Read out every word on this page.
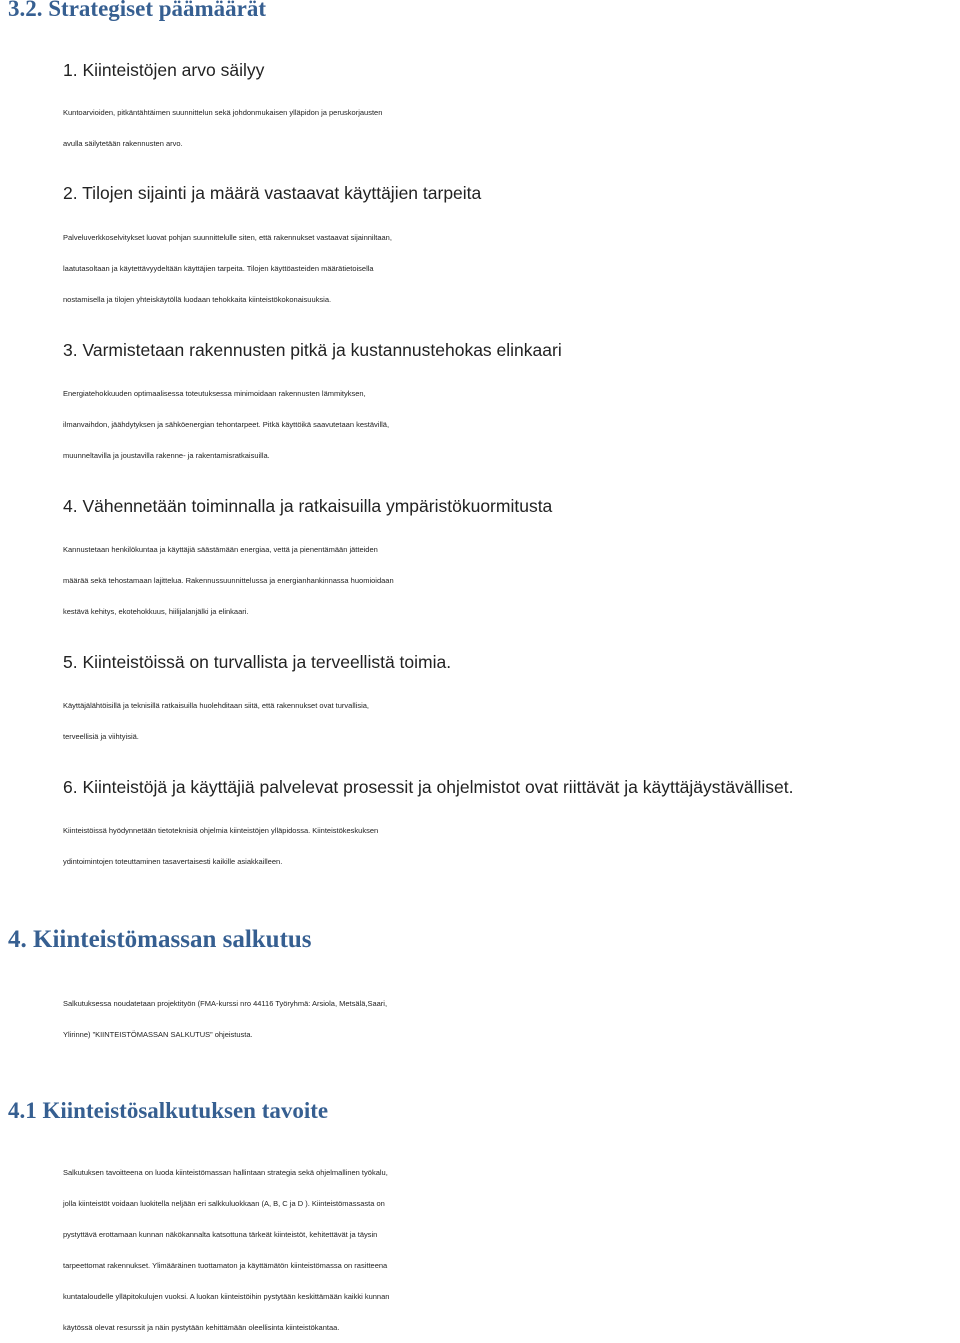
3.2. Strategiset päämäärät

1. Kiinteistöjen arvo säilyy

Kuntoarvioiden, pitkäntähtäimen suunnittelun sekä johdonmukaisen ylläpidon ja peruskorjausten
avulla säilytetään rakennusten arvo.

2. Tilojen sijainti ja määrä vastaavat käyttäjien tarpeita

Palveluverkkoselvitykset luovat pohjan suunnittelulle siten, että rakennukset vastaavat sijainniltaan,
laatutasoltaan ja käytettävyydeltään käyttäjien tarpeita. Tilojen käyttöasteiden määrätietoisella
nostamisella ja tilojen yhteiskäytöllä luodaan tehokkaita kiinteistökokonaisuuksia.

3. Varmistetaan rakennusten pitkä ja kustannustehokas elinkaari

Energiatehokkuuden optimaalisessa toteutuksessa minimoidaan rakennusten lämmityksen,
ilmanvaihdon, jäähdytyksen ja sähköenergian tehontarpeet. Pitkä käyttöikä saavutetaan kestävillä,
muunneltavilla ja joustavilla rakenne- ja rakentamisratkaisuilla.

4. Vähennetään toiminnalla ja ratkaisuilla ympäristökuormitusta

Kannustetaan henkilökuntaa ja käyttäjiä säästämään energiaa, vettä ja pienentämään jätteiden
määrää sekä tehostamaan lajittelua. Rakennussuunnittelussa ja energianhankinnassa huomioidaan
kestävä kehitys, ekotehokkuus, hiilijalanjälki ja elinkaari.

5. Kiinteistöissä on turvallista ja terveellistä toimia.

Käyttäjälähtöisillä ja teknisillä ratkaisuilla huolehditaan siitä, että rakennukset ovat turvallisia,
terveellisiä ja viihtyisiä.

6. Kiinteistöjä ja käyttäjiä palvelevat prosessit ja ohjelmistot ovat riittävät ja käyttäjäystävälliset.

Kiinteistöissä hyödynnetään tietoteknisiä ohjelmia kiinteistöjen ylläpidossa. Kiinteistökeskuksen
ydintoimintojen toteuttaminen tasavertaisesti kaikille asiakkailleen.

4. Kiinteistömassan salkutus

Salkutuksessa noudatetaan projektityön (FMA-kurssi nro 44116 Työryhmä: Arsiola, Metsälä,Saari,
Ylirinne) ”KIINTEISTÖMASSAN SALKUTUS” ohjeistusta.

4.1 Kiinteistösalkutuksen tavoite

Salkutuksen tavoitteena on luoda kiinteistömassan hallintaan strategia sekä ohjelmallinen työkalu,
jolla kiinteistöt voidaan luokitella neljään eri salkkuluokkaan (A, B, C ja D ). Kiinteistömassasta on
pystyttävä erottamaan kunnan näkökannalta katsottuna tärkeät kiinteistöt, kehitettävät ja täysin
tarpeettomat rakennukset. Ylimääräinen tuottamaton ja käyttämätön kiinteistömassa on rasitteena
kuntataloudelle ylläpitokulujen vuoksi. A luokan kiinteistöihin pystytään keskittämään kaikki kunnan
käytössä olevat resurssit ja näin pystytään kehittämään oleellisinta kiinteistökantaa.
